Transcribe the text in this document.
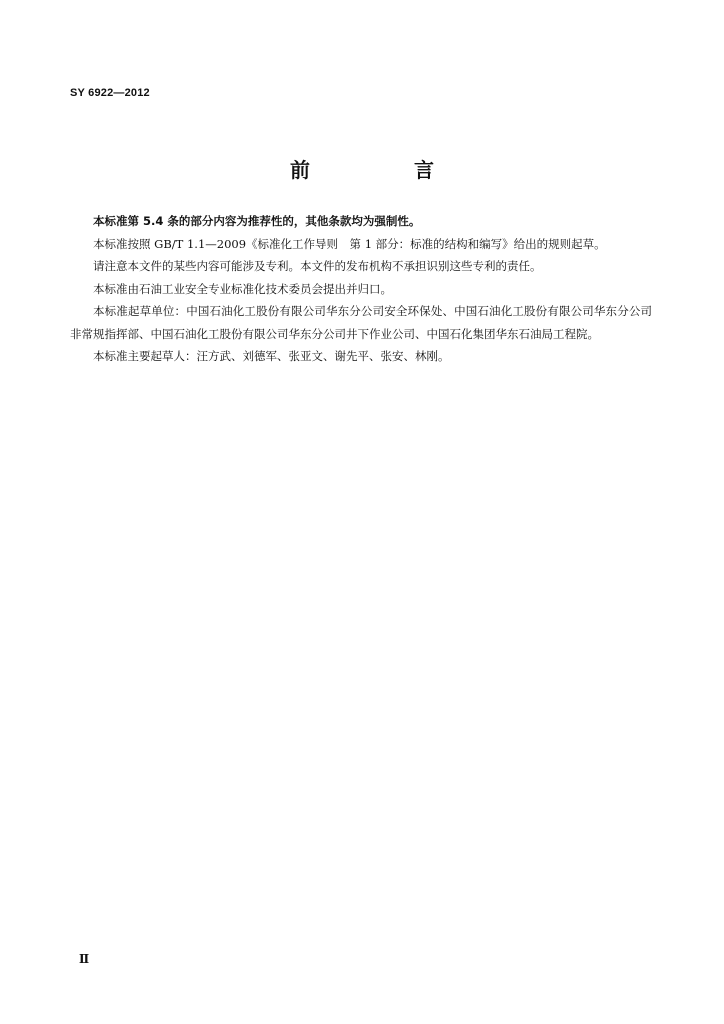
SY 6922—2012
前　言

本标准第 5.4 条的部分内容为推荐性的，其他条款均为强制性。

本标准按照 GB/T 1.1—2009《标准化工作导则　第 1 部分：标准的结构和编写》给出的规则起草。

请注意本文件的某些内容可能涉及专利。本文件的发布机构不承担识别这些专利的责任。

本标准由石油工业安全专业标准化技术委员会提出并归口。

本标准起草单位：中国石油化工股份有限公司华东分公司安全环保处、中国石油化工股份有限公司华东分公司非常规指挥部、中国石油化工股份有限公司华东分公司井下作业公司、中国石化集团华东石油局工程院。

本标准主要起草人：汪方武、刘德军、张亚文、谢先平、张安、林刚。

Ⅱ
